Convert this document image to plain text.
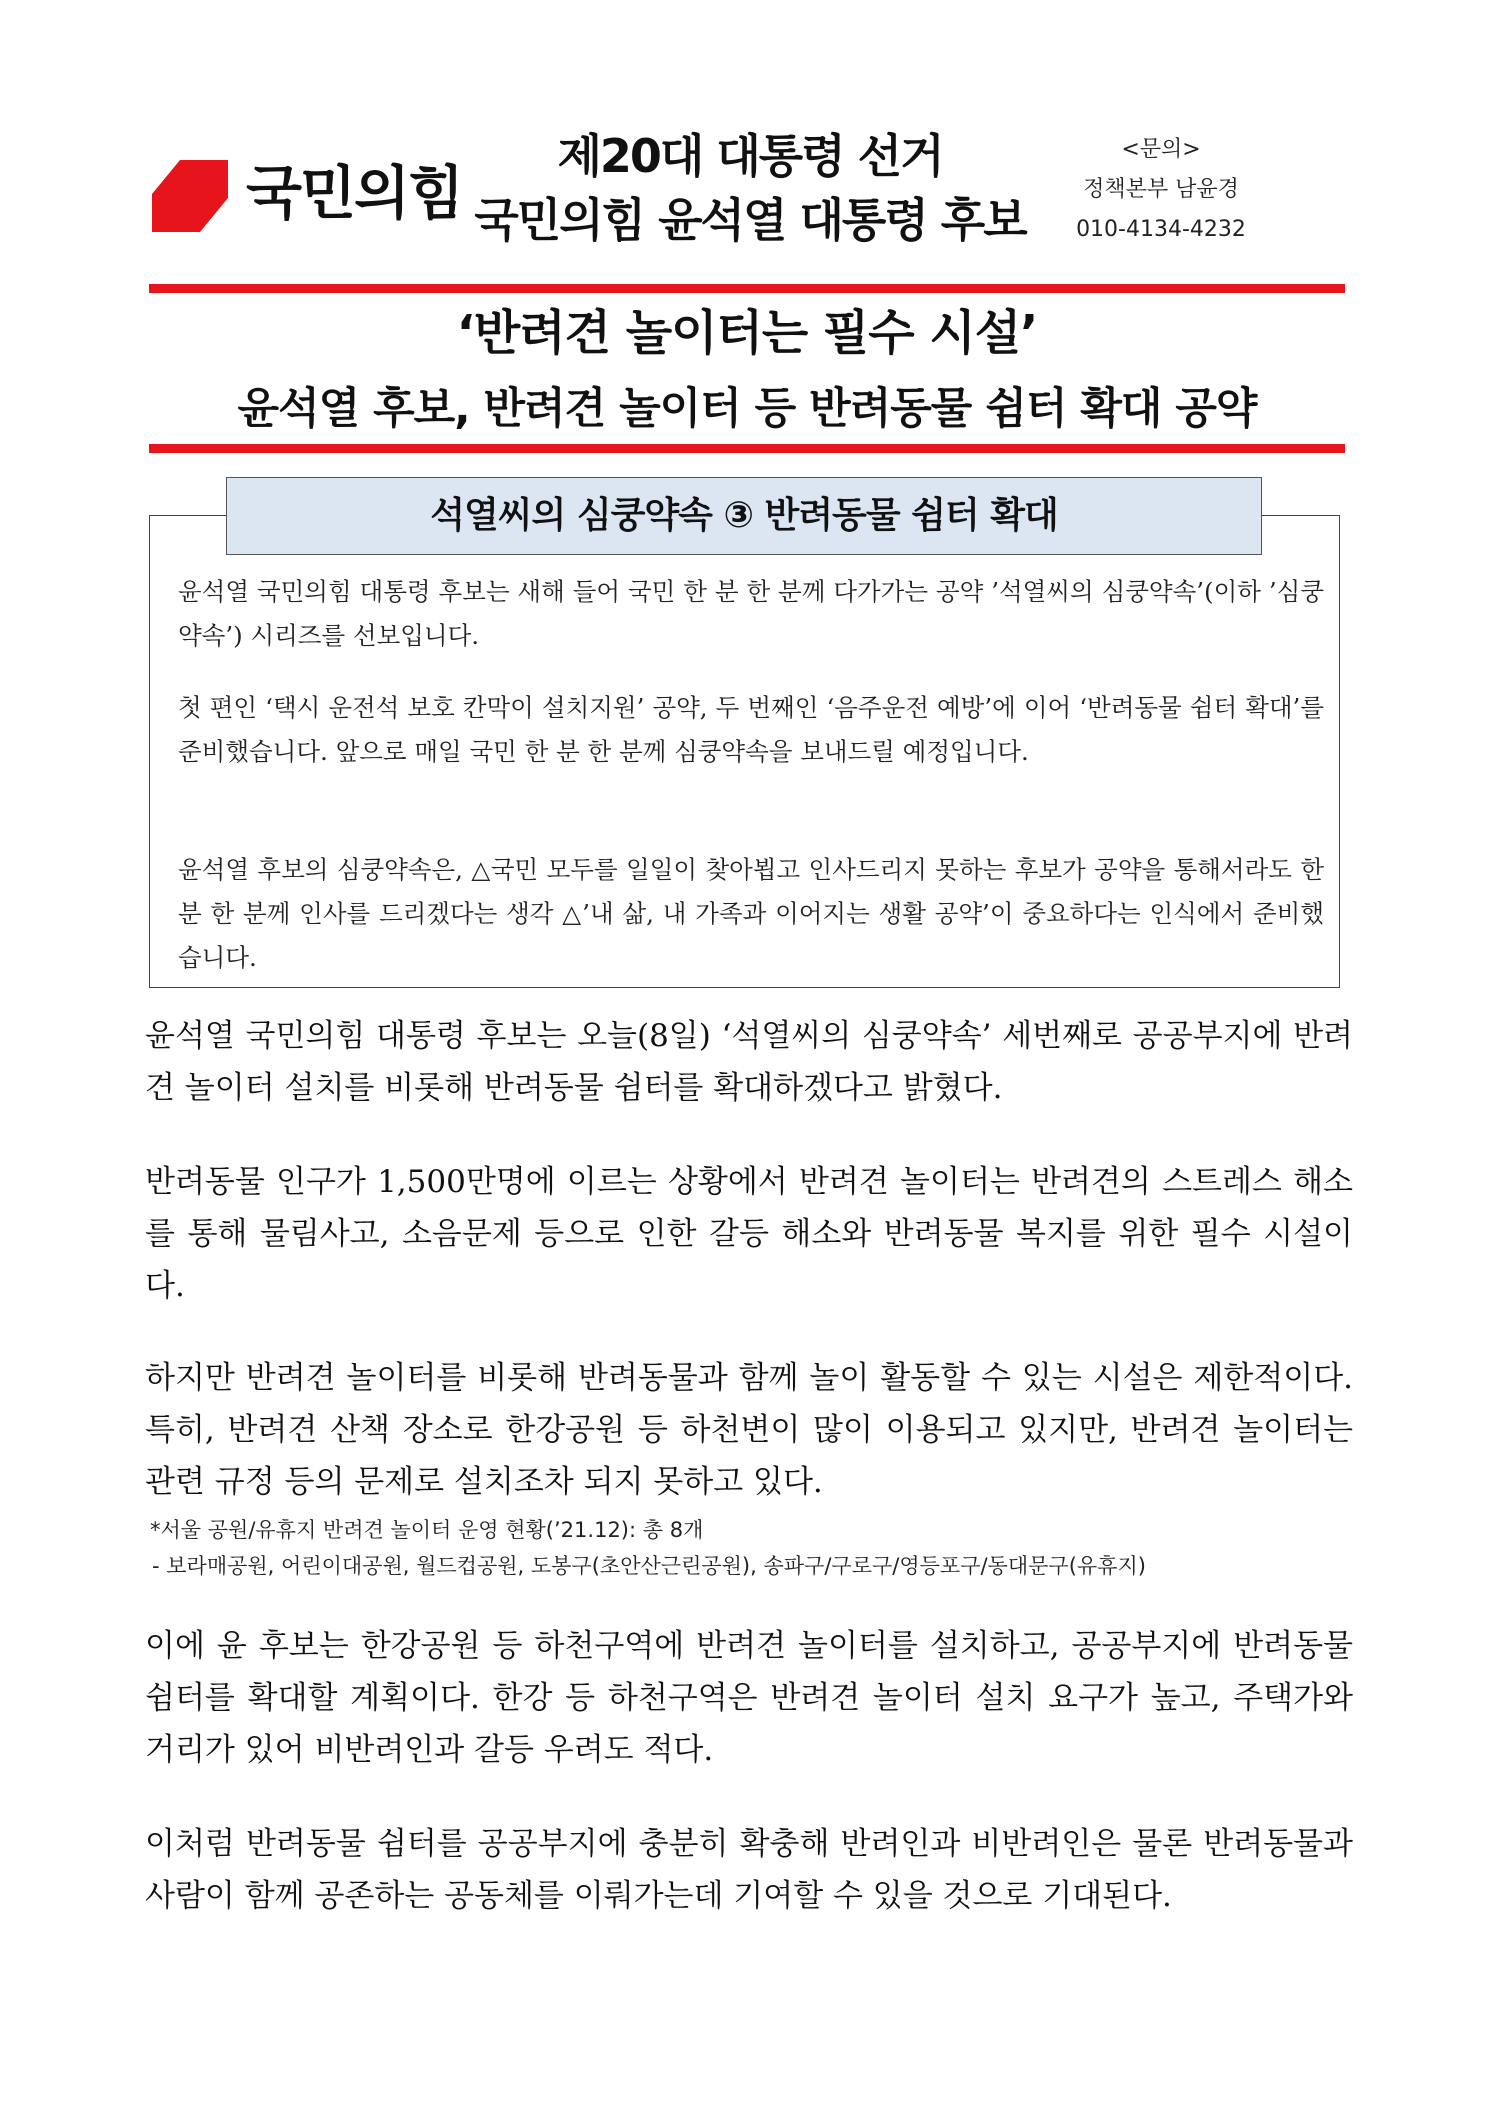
국민의힘
제20대 대통령 선거
국민의힘 윤석열 대통령 후보
<문의>
정책본부 남윤경
010-4134-4232
‘반려견 놀이터는 필수 시설’
윤석열 후보, 반려견 놀이터 등 반려동물 쉼터 확대 공약
석열씨의 심쿵약속 ③ 반려동물 쉼터 확대
윤석열 국민의힘 대통령 후보는 새해 들어 국민 한 분 한 분께 다가가는 공약 ’석열씨의 심쿵약속’(이하 ’심쿵약속’) 시리즈를 선보입니다.
첫 편인 ‘택시 운전석 보호 칸막이 설치지원’ 공약, 두 번째인 ‘음주운전 예방’에 이어 ‘반려동물 쉼터 확대’를 준비했습니다. 앞으로 매일 국민 한 분 한 분께 심쿵약속을 보내드릴 예정입니다.
윤석열 후보의 심쿵약속은, △국민 모두를 일일이 찾아뵙고 인사드리지 못하는 후보가 공약을 통해서라도 한 분 한 분께 인사를 드리겠다는 생각 △’내 삶, 내 가족과 이어지는 생활 공약’이 중요하다는 인식에서 준비했습니다.
윤석열 국민의힘 대통령 후보는 오늘(8일) ‘석열씨의 심쿵약속’ 세번째로 공공부지에 반려견 놀이터 설치를 비롯해 반려동물 쉼터를 확대하겠다고 밝혔다.
반려동물 인구가 1,500만명에 이르는 상황에서 반려견 놀이터는 반려견의 스트레스 해소를 통해 물림사고, 소음문제 등으로 인한 갈등 해소와 반려동물 복지를 위한 필수 시설이다.
하지만 반려견 놀이터를 비롯해 반려동물과 함께 놀이 활동할 수 있는 시설은 제한적이다. 특히, 반려견 산책 장소로 한강공원 등 하천변이 많이 이용되고 있지만, 반려견 놀이터는 관련 규정 등의 문제로 설치조차 되지 못하고 있다.
*서울 공원/유휴지 반려견 놀이터 운영 현황(’21.12): 총 8개
- 보라매공원, 어린이대공원, 월드컵공원, 도봉구(초안산근린공원), 송파구/구로구/영등포구/동대문구(유휴지)
이에 윤 후보는 한강공원 등 하천구역에 반려견 놀이터를 설치하고, 공공부지에 반려동물 쉼터를 확대할 계획이다. 한강 등 하천구역은 반려견 놀이터 설치 요구가 높고, 주택가와 거리가 있어 비반려인과 갈등 우려도 적다.
이처럼 반려동물 쉼터를 공공부지에 충분히 확충해 반려인과 비반려인은 물론 반려동물과 사람이 함께 공존하는 공동체를 이뤄가는데 기여할 수 있을 것으로 기대된다.
